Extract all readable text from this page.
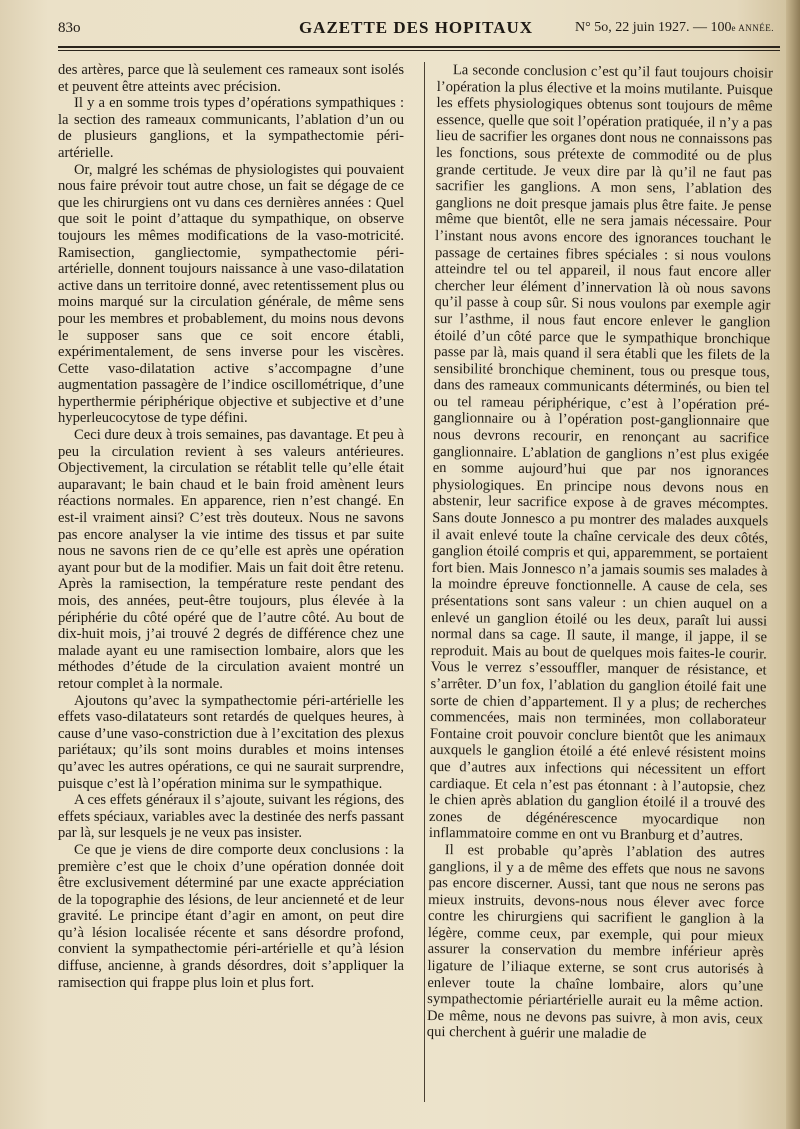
83o	GAZETTE DES HOPITAUX	N° 5o, 22 juin 1927. — 100e ANNÉE.

des artères, parce que là seulement ces rameaux sont isolés et peuvent être atteints avec précision.

Il y a en somme trois types d’opérations sympathiques : la section des rameaux communicants, l’ablation d’un ou de plusieurs ganglions, et la sympathectomie péri-artérielle.

Or, malgré les schémas de physiologistes qui pouvaient nous faire prévoir tout autre chose, un fait se dégage de ce que les chirurgiens ont vu dans ces dernières années : Quel que soit le point d’attaque du sympathique, on observe toujours les mêmes modifications de la vaso-motricité. Ramisection, gangliectomie, sympathectomie péri-artérielle, donnent toujours naissance à une vaso-dilatation active dans un territoire donné, avec retentissement plus ou moins marqué sur la circulation générale, de même sens pour les membres et probablement, du moins nous devons le supposer sans que ce soit encore établi, expérimentalement, de sens inverse pour les viscères. Cette vaso-dilatation active s’accompagne d’une augmentation passagère de l’indice oscillométrique, d’une hyperthermie périphérique objective et subjective et d’une hyperleucocytose de type défini.

Ceci dure deux à trois semaines, pas davantage. Et peu à peu la circulation revient à ses valeurs antérieures. Objectivement, la circulation se rétablit telle qu’elle était auparavant; le bain chaud et le bain froid amènent leurs réactions normales. En apparence, rien n’est changé. En est-il vraiment ainsi? C’est très douteux. Nous ne savons pas encore analyser la vie intime des tissus et par suite nous ne savons rien de ce qu’elle est après une opération ayant pour but de la modifier. Mais un fait doit être retenu. Après la ramisection, la température reste pendant des mois, des années, peut-être toujours, plus élevée à la périphérie du côté opéré que de l’autre côté. Au bout de dix-huit mois, j’ai trouvé 2 degrés de différence chez une malade ayant eu une ramisection lombaire, alors que les méthodes d’étude de la circulation avaient montré un retour complet à la normale.

Ajoutons qu’avec la sympathectomie péri-artérielle les effets vaso-dilatateurs sont retardés de quelques heures, à cause d’une vaso-constriction due à l’excitation des plexus pariétaux; qu’ils sont moins durables et moins intenses qu’avec les autres opérations, ce qui ne saurait surprendre, puisque c’est là l’opération minima sur le sympathique.

A ces effets généraux il s’ajoute, suivant les régions, des effets spéciaux, variables avec la destinée des nerfs passant par là, sur lesquels je ne veux pas insister.

Ce que je viens de dire comporte deux conclusions : la première c’est que le choix d’une opération donnée doit être exclusivement déterminé par une exacte appréciation de la topographie des lésions, de leur ancienneté et de leur gravité. Le principe étant d’agir en amont, on peut dire qu’à lésion localisée récente et sans désordre profond, convient la sympathectomie péri-artérielle et qu’à lésion diffuse, ancienne, à grands désordres, doit s’appliquer la ramisection qui frappe plus loin et plus fort.

La seconde conclusion c’est qu’il faut toujours choisir l’opération la plus élective et la moins mutilante. Puisque les effets physiologiques obtenus sont toujours de même essence, quelle que soit l’opération pratiquée, il n’y a pas lieu de sacrifier les organes dont nous ne connaissons pas les fonctions, sous prétexte de commodité ou de plus grande certitude. Je veux dire par là qu’il ne faut pas sacrifier les ganglions. A mon sens, l’ablation des ganglions ne doit presque jamais plus être faite. Je pense même que bientôt, elle ne sera jamais nécessaire. Pour l’instant nous avons encore des ignorances touchant le passage de certaines fibres spéciales : si nous voulons atteindre tel ou tel appareil, il nous faut encore aller chercher leur élément d’innervation là où nous savons qu’il passe à coup sûr. Si nous voulons par exemple agir sur l’asthme, il nous faut encore enlever le ganglion étoilé d’un côté parce que le sympathique bronchique passe par là, mais quand il sera établi que les filets de la sensibilité bronchique cheminent, tous ou presque tous, dans des rameaux communicants déterminés, ou bien tel ou tel rameau périphérique, c’est à l’opération pré-ganglionnaire ou à l’opération post-ganglionnaire que nous devrons recourir, en renonçant au sacrifice ganglionnaire. L’ablation de ganglions n’est plus exigée en somme aujourd’hui que par nos ignorances physiologiques. En principe nous devons nous en abstenir, leur sacrifice expose à de graves mécomptes. Sans doute Jonnesco a pu montrer des malades auxquels il avait enlevé toute la chaîne cervicale des deux côtés, ganglion étoilé compris et qui, apparemment, se portaient fort bien. Mais Jonnesco n’a jamais soumis ses malades à la moindre épreuve fonctionnelle. A cause de cela, ses présentations sont sans valeur : un chien auquel on a enlevé un ganglion étoilé ou les deux, paraît lui aussi normal dans sa cage. Il saute, il mange, il jappe, il se reproduit. Mais au bout de quelques mois faites-le courir. Vous le verrez s’essouffler, manquer de résistance, et s’arrêter. D’un fox, l’ablation du ganglion étoilé fait une sorte de chien d’appartement. Il y a plus; de recherches commencées, mais non terminées, mon collaborateur Fontaine croit pouvoir conclure bientôt que les animaux auxquels le ganglion étoilé a été enlevé résistent moins que d’autres aux infections qui nécessitent un effort cardiaque. Et cela n’est pas étonnant : à l’autopsie, chez le chien après ablation du ganglion étoilé il a trouvé des zones de dégénérescence myocardique non inflammatoire comme en ont vu Branburg et d’autres.

Il est probable qu’après l’ablation des autres ganglions, il y a de même des effets que nous ne savons pas encore discerner. Aussi, tant que nous ne serons pas mieux instruits, devons-nous nous élever avec force contre les chirurgiens qui sacrifient le ganglion à la légère, comme ceux, par exemple, qui pour mieux assurer la conservation du membre inférieur après ligature de l’iliaque externe, se sont crus autorisés à enlever toute la chaîne lombaire, alors qu’une sympathectomie périartérielle aurait eu la même action. De même, nous ne devons pas suivre, à mon avis, ceux qui cherchent à guérir une maladie de
